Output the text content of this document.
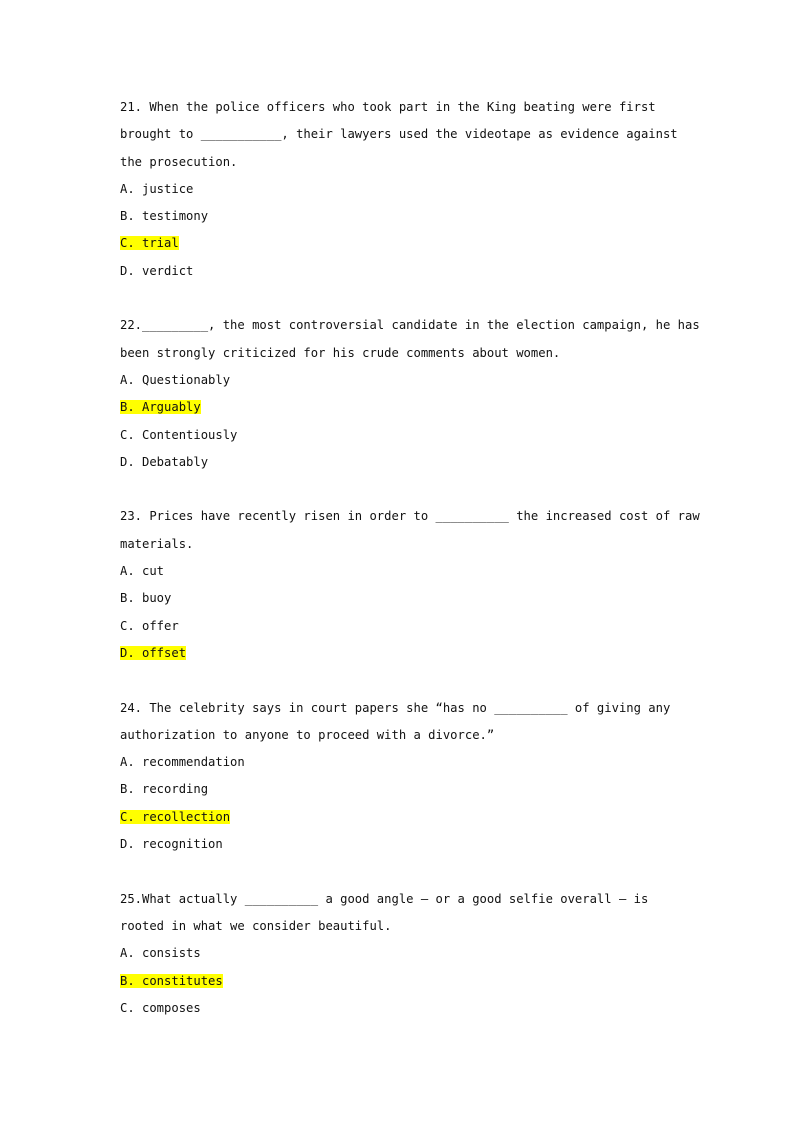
21. When the police officers who took part in the King beating were first
brought to ___________, their lawyers used the videotape as evidence against
the prosecution.
A. justice
B. testimony
C. trial
D. verdict
22._________, the most controversial candidate in the election campaign, he has
been strongly criticized for his crude comments about women.
A. Questionably
B. Arguably
C. Contentiously
D. Debatably
23. Prices have recently risen in order to __________ the increased cost of raw
materials.
A. cut
B. buoy
C. offer
D. offset
24. The celebrity says in court papers she “has no __________ of giving any
authorization to anyone to proceed with a divorce.”
A. recommendation
B. recording
C. recollection
D. recognition
25.What actually __________ a good angle — or a good selfie overall — is
rooted in what we consider beautiful.
A. consists
B. constitutes
C. composes
